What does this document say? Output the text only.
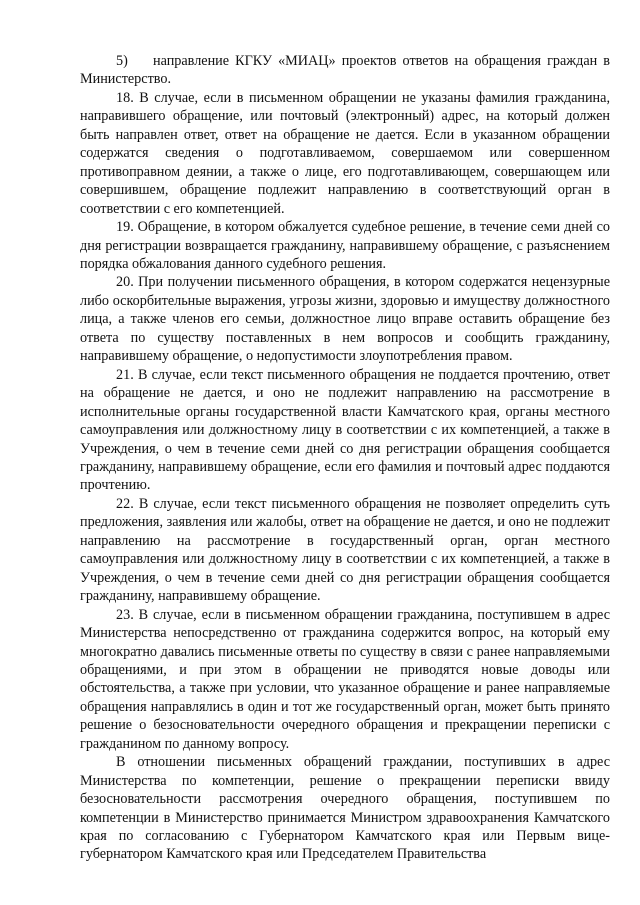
5) направление КГКУ «МИАЦ» проектов ответов на обращения граждан в Министерство.

18. В случае, если в письменном обращении не указаны фамилия гражданина, направившего обращение, или почтовый (электронный) адрес, на который должен быть направлен ответ, ответ на обращение не дается. Если в указанном обращении содержатся сведения о подготавливаемом, совершаемом или совершенном противоправном деянии, а также о лице, его подготавливающем, совершающем или совершившем, обращение подлежит направлению в соответствующий орган в соответствии с его компетенцией.

19. Обращение, в котором обжалуется судебное решение, в течение семи дней со дня регистрации возвращается гражданину, направившему обращение, с разъяснением порядка обжалования данного судебного решения.

20. При получении письменного обращения, в котором содержатся нецензурные либо оскорбительные выражения, угрозы жизни, здоровью и имуществу должностного лица, а также членов его семьи, должностное лицо вправе оставить обращение без ответа по существу поставленных в нем вопросов и сообщить гражданину, направившему обращение, о недопустимости злоупотребления правом.

21. В случае, если текст письменного обращения не поддается прочтению, ответ на обращение не дается, и оно не подлежит направлению на рассмотрение в исполнительные органы государственной власти Камчатского края, органы местного самоуправления или должностному лицу в соответствии с их компетенцией, а также в Учреждения, о чем в течение семи дней со дня регистрации обращения сообщается гражданину, направившему обращение, если его фамилия и почтовый адрес поддаются прочтению.

22. В случае, если текст письменного обращения не позволяет определить суть предложения, заявления или жалобы, ответ на обращение не дается, и оно не подлежит направлению на рассмотрение в государственный орган, орган местного самоуправления или должностному лицу в соответствии с их компетенцией, а также в Учреждения, о чем в течение семи дней со дня регистрации обращения сообщается гражданину, направившему обращение.

23. В случае, если в письменном обращении гражданина, поступившем в адрес Министерства непосредственно от гражданина содержится вопрос, на который ему многократно давались письменные ответы по существу в связи с ранее направляемыми обращениями, и при этом в обращении не приводятся новые доводы или обстоятельства, а также при условии, что указанное обращение и ранее направляемые обращения направлялись в один и тот же государственный орган, может быть принято решение о безосновательности очередного обращения и прекращении переписки с гражданином по данному вопросу.

В отношении письменных обращений граждании, поступивших в адрес Министерства по компетенции, решение о прекращении переписки ввиду безосновательности рассмотрения очередного обращения, поступившем по компетенции в Министерство принимается Министром здравоохранения Камчатского края по согласованию с Губернатором Камчатского края или Первым вице-губернатором Камчатского края или Председателем Правительства
